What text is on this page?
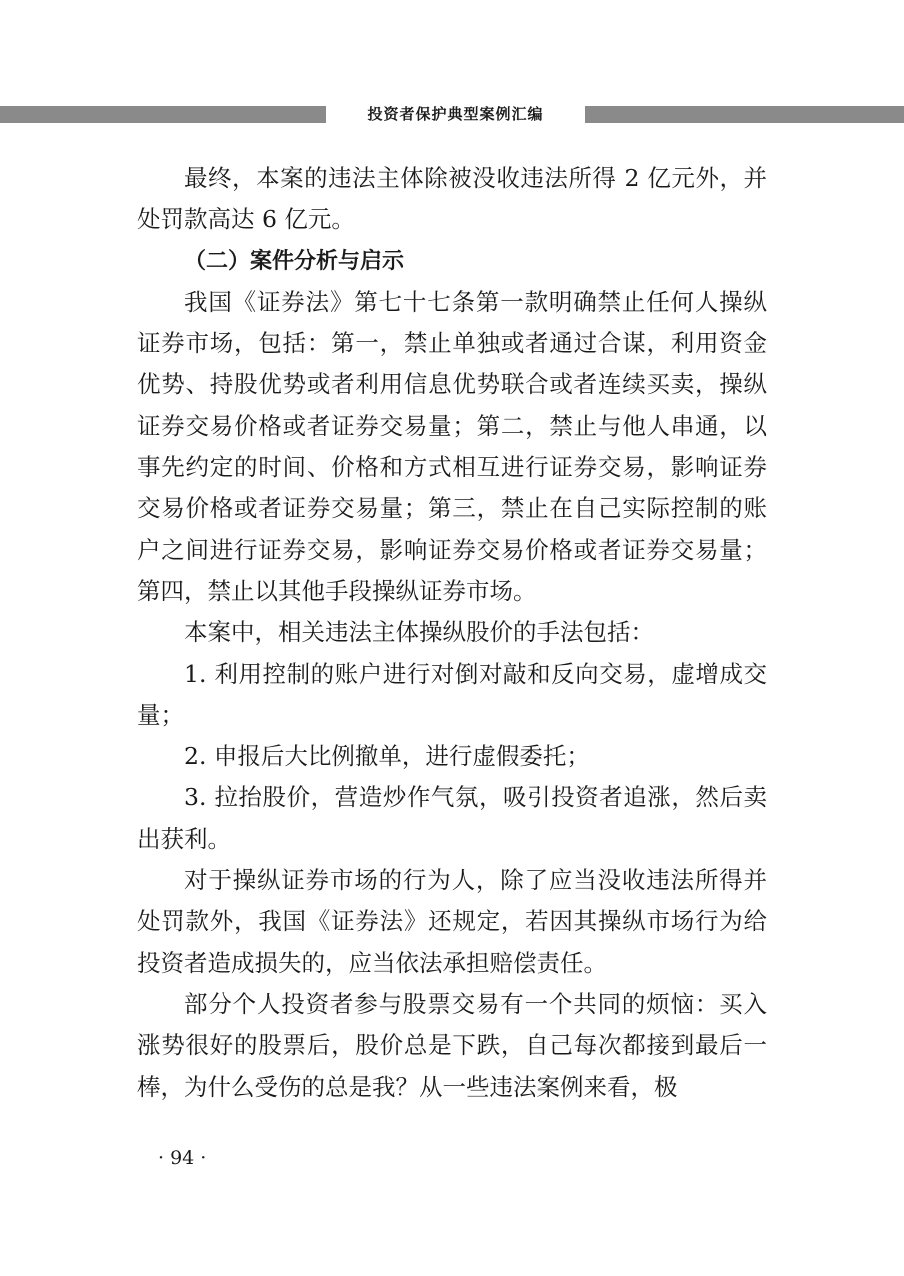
投资者保护典型案例汇编

最终，本案的违法主体除被没收违法所得 2 亿元外，并处罚款高达 6 亿元。

（二）案件分析与启示

我国《证券法》第七十七条第一款明确禁止任何人操纵证券市场，包括：第一，禁止单独或者通过合谋，利用资金优势、持股优势或者利用信息优势联合或者连续买卖，操纵证券交易价格或者证券交易量；第二，禁止与他人串通，以事先约定的时间、价格和方式相互进行证券交易，影响证券交易价格或者证券交易量；第三，禁止在自己实际控制的账户之间进行证券交易，影响证券交易价格或者证券交易量；第四，禁止以其他手段操纵证券市场。

本案中，相关违法主体操纵股价的手法包括：

1. 利用控制的账户进行对倒对敲和反向交易，虚增成交量；

2. 申报后大比例撤单，进行虚假委托；

3. 拉抬股价，营造炒作气氛，吸引投资者追涨，然后卖出获利。

对于操纵证券市场的行为人，除了应当没收违法所得并处罚款外，我国《证券法》还规定，若因其操纵市场行为给投资者造成损失的，应当依法承担赔偿责任。

部分个人投资者参与股票交易有一个共同的烦恼：买入涨势很好的股票后，股价总是下跌，自己每次都接到最后一棒，为什么受伤的总是我？从一些违法案例来看，极

· 94 ·
